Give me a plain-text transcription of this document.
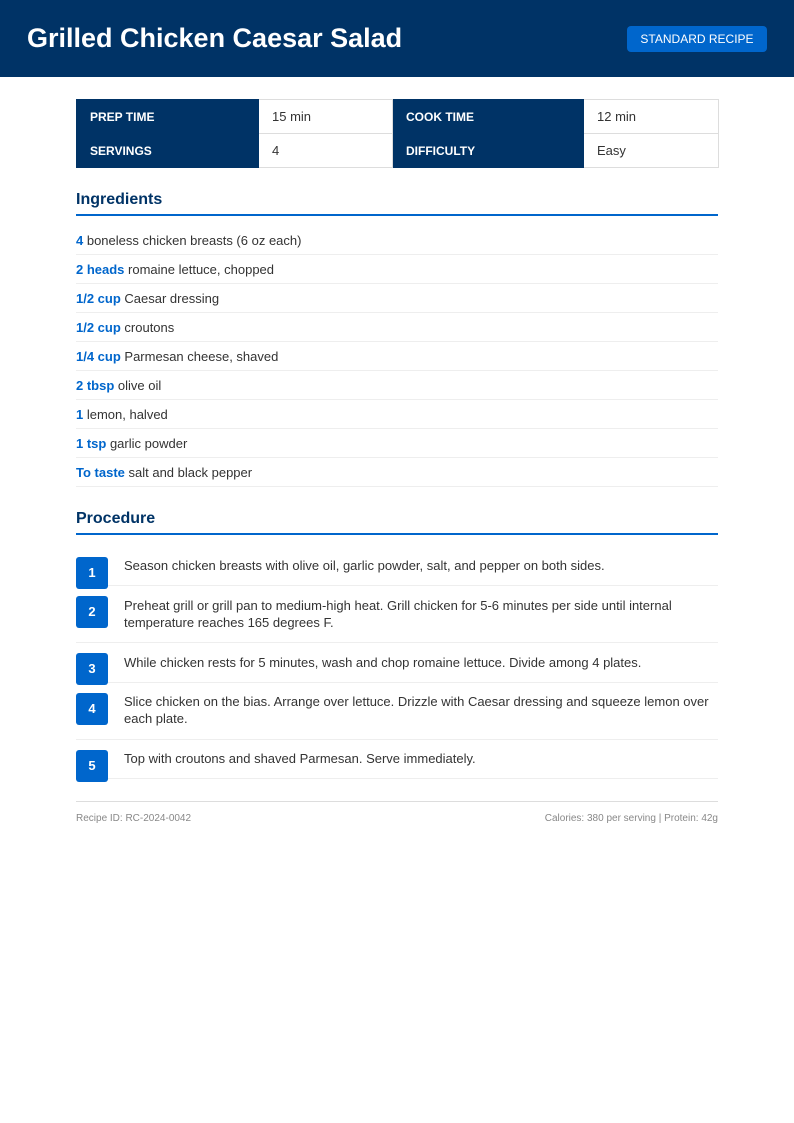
Grilled Chicken Caesar Salad	STANDARD RECIPE
PREP TIME	15 min	COOK TIME	12 min
SERVINGS	4	DIFFICULTY	Easy
Ingredients
4 boneless chicken breasts (6 oz each)
2 heads romaine lettuce, chopped
1/2 cup Caesar dressing
1/2 cup croutons
1/4 cup Parmesan cheese, shaved
2 tbsp olive oil
1 lemon, halved
1 tsp garlic powder
To taste salt and black pepper
Procedure
1	Season chicken breasts with olive oil, garlic powder, salt, and pepper on both sides.
2	Preheat grill or grill pan to medium-high heat. Grill chicken for 5-6 minutes per side until internal temperature reaches 165 degrees F.
3	While chicken rests for 5 minutes, wash and chop romaine lettuce. Divide among 4 plates.
4	Slice chicken on the bias. Arrange over lettuce. Drizzle with Caesar dressing and squeeze lemon over each plate.
5	Top with croutons and shaved Parmesan. Serve immediately.
Recipe ID: RC-2024-0042	Calories: 380 per serving | Protein: 42g
